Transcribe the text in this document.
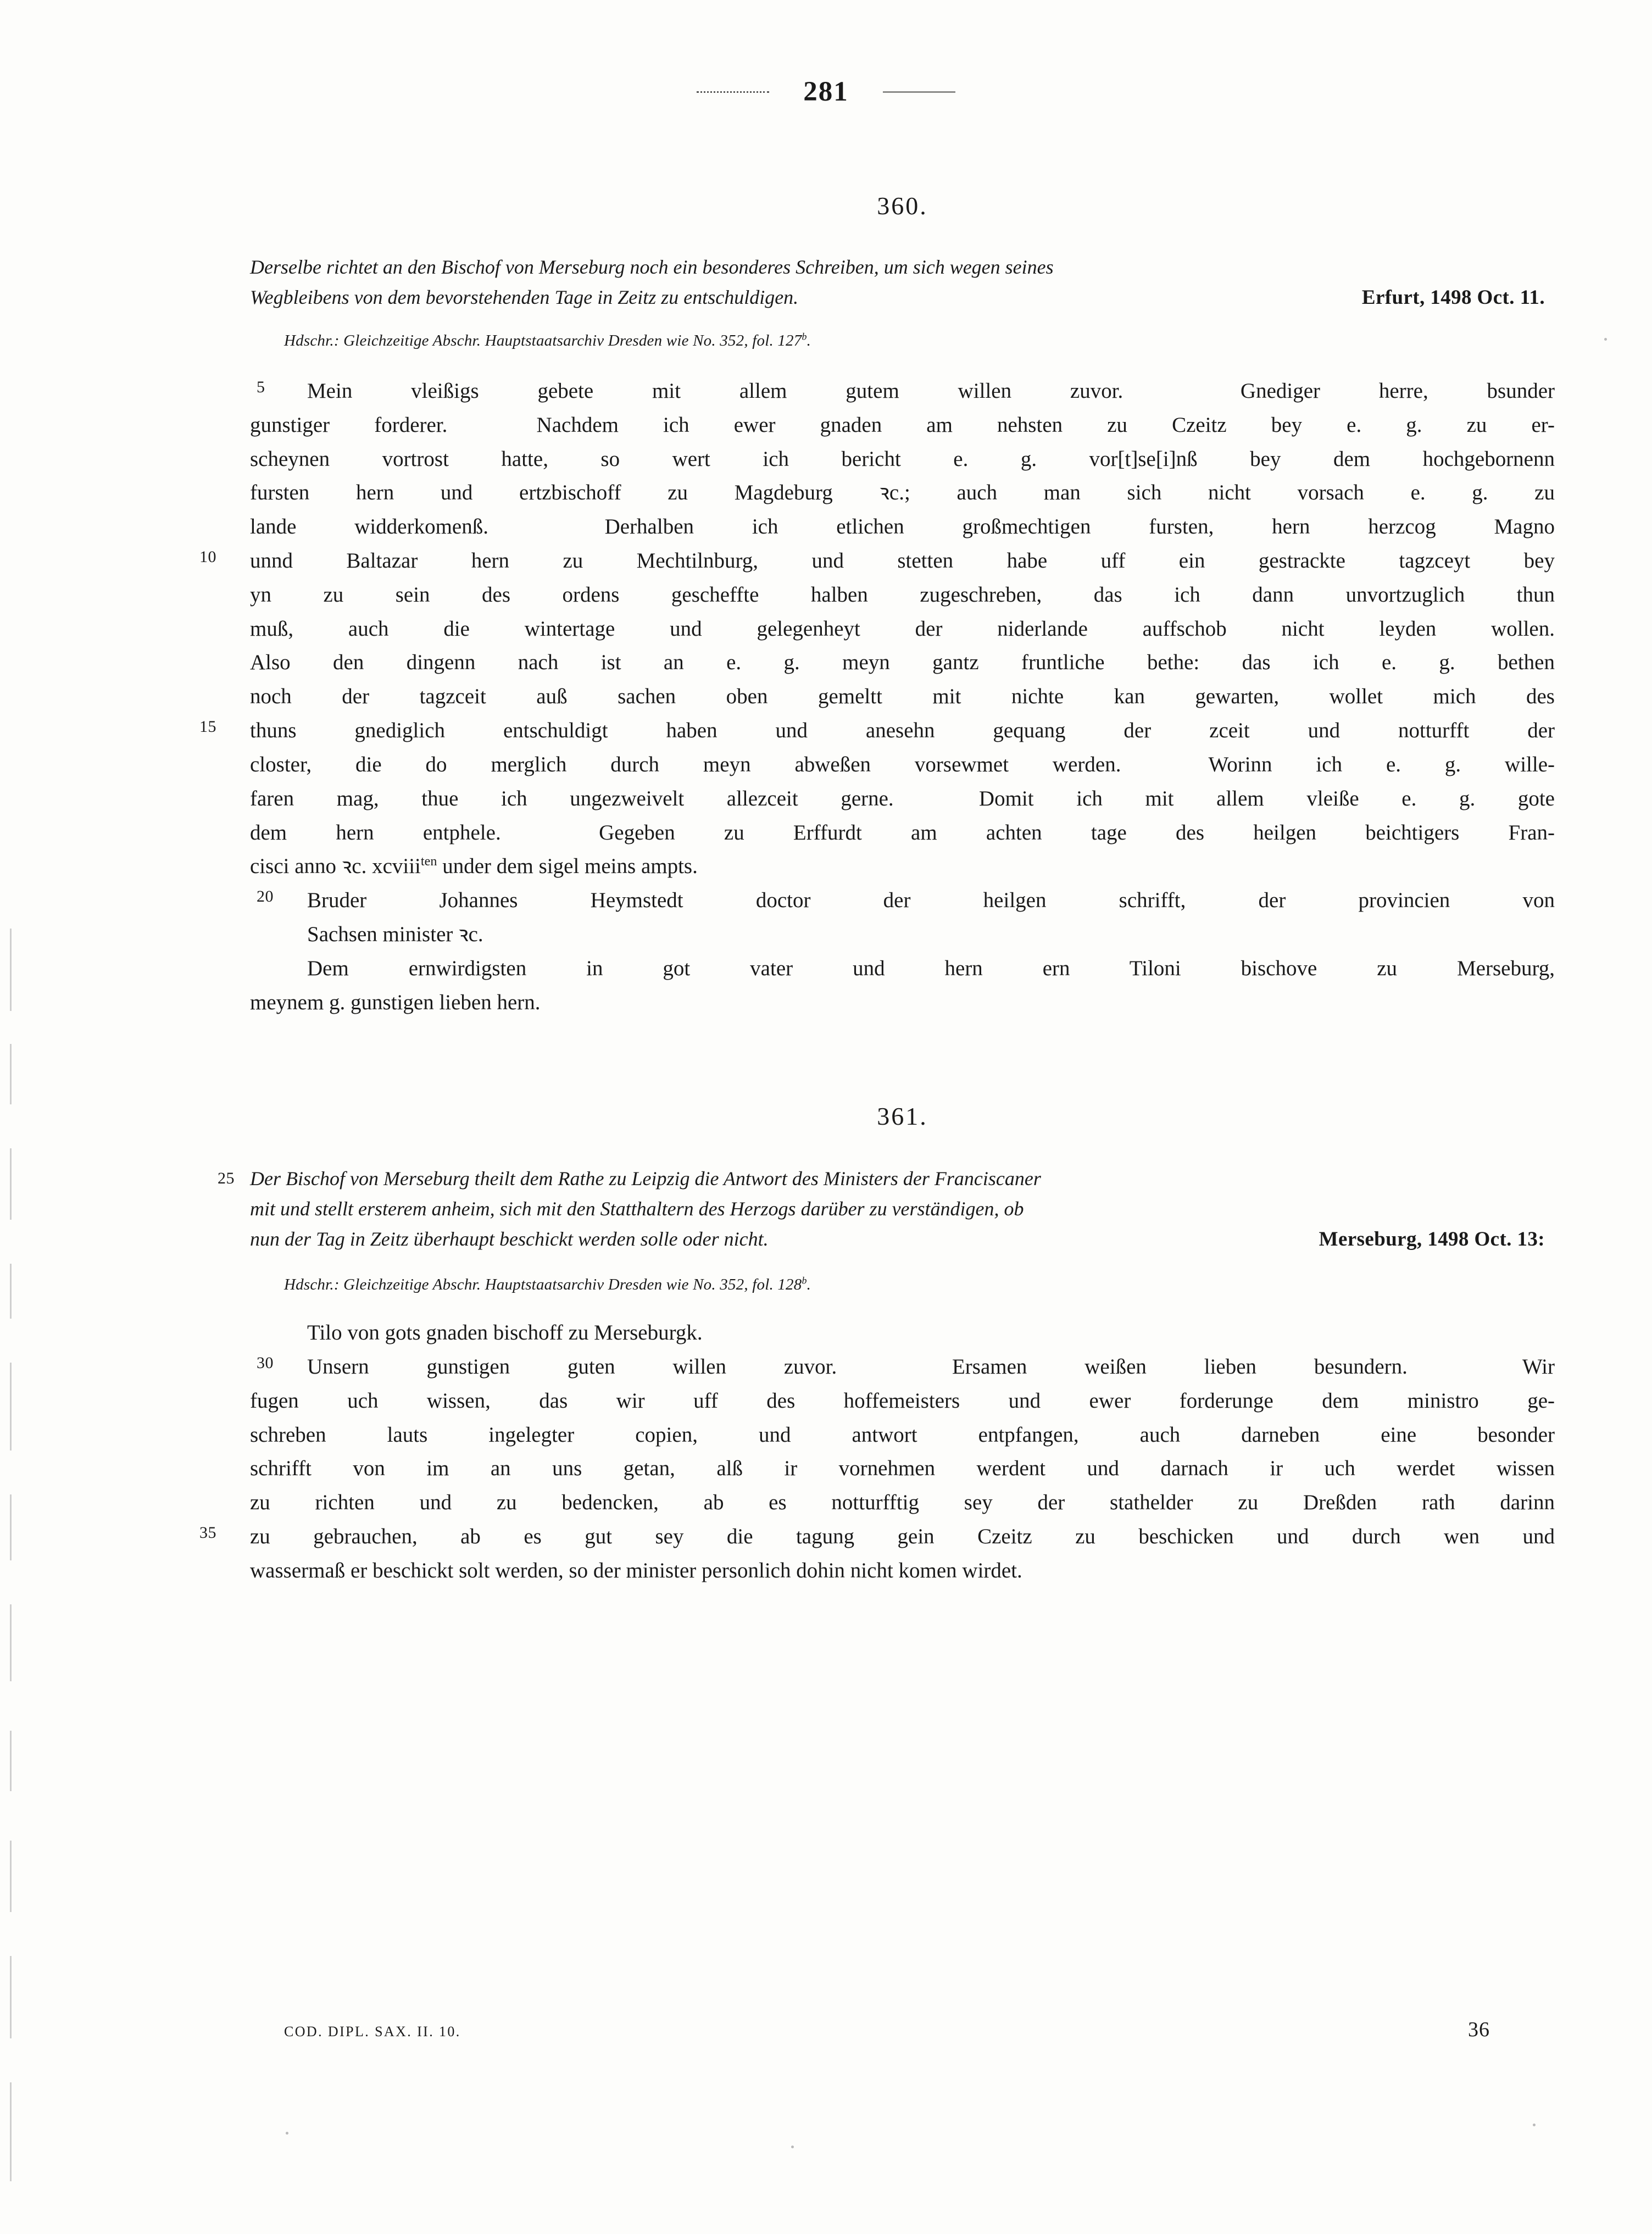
281
360.

Derselbe richtet an den Bischof von Merseburg noch ein besonderes Schreiben, um sich wegen seines

Wegbleibens von dem bevorstehenden Tage in Zeitz zu entschuldigen.	Erfurt, 1498 Oct. 11.
Hdschr.: Gleichzeitige Abschr. Hauptstaatsarchiv Dresden wie No. 352, fol. 127$^b$.
5 Mein vleißigs gebete mit allem gutem willen zuvor.  Gnediger herre, bsunder
gunstiger forderer.  Nachdem ich ewer gnaden am nehsten zu Czeitz bey e. g. zu er-
scheynen vortrost hatte, so wert ich bericht e. g. vor[t]se[i]nß bey dem hochgebornenn
fursten hern und ertzbischoff zu Magdeburg ꝛc.; auch man sich nicht vorsach e. g. zu
lande widderkomenß.  Derhalben ich etlichen großmechtigen fursten, hern herzcog Magno
10	unnd Baltazar hern zu Mechtilnburg, und stetten habe uff ein gestrackte tagzceyt bey
yn zu sein des ordens gescheffte halben zugeschreben, das ich dann unvortzuglich thun
muß, auch die wintertage und gelegenheyt der niderlande auffschob nicht leyden wollen.
Also den dingenn nach ist an e. g. meyn gantz fruntliche bethe: das ich e. g. bethen
noch der tagzceit auß sachen oben gemeltt mit nichte kan gewarten, wollet mich des
15	thuns gnediglich entschuldigt haben und anesehn gequang der zceit und notturfft der
closter, die do merglich durch meyn abweßen vorsewmet werden.  Worinn ich e. g. wille-
faren mag, thue ich ungezweivelt allezceit gerne.  Domit ich mit allem vleiße e. g. gote
dem hern entphele.  Gegeben zu Erffurdt am achten tage des heilgen beichtigers Fran-
cisci anno ꝛc. xcviii$^{ten}$ under dem sigel meins ampts.
20 Bruder Johannes Heymstedt doctor der heilgen schrifft, der provincien von
Sachsen minister ꝛc.
Dem ernwirdigsten in got vater und hern ern Tiloni bischove zu Merseburg,
meynem g. gunstigen lieben hern.
361.
25 Der Bischof von Merseburg theilt dem Rathe zu Leipzig die Antwort des Ministers der Franciscaner

mit und stellt ersterem anheim, sich mit den Statthaltern des Herzogs darüber zu verständigen, ob

nun der Tag in Zeitz überhaupt beschickt werden solle oder nicht.	Merseburg, 1498 Oct. 13:
Hdschr.: Gleichzeitige Abschr. Hauptstaatsarchiv Dresden wie No. 352, fol. 128$^b$.
Tilo von gots gnaden bischoff zu Merseburgk.
30 Unsern gunstigen guten willen zuvor.  Ersamen weißen lieben besundern.  Wir
fugen uch wissen, das wir uff des hoffemeisters und ewer forderunge dem ministro ge-
schreben lauts ingelegter copien, und antwort entpfangen, auch darneben eine besonder
schrifft von im an uns getan, alß ir vornehmen werdent und darnach ir uch werdet wissen
zu richten und zu bedencken, ab es notturfftig sey der stathelder zu Dreßden rath darinn
35	zu gebrauchen, ab es gut sey die tagung gein Czeitz zu beschicken und durch wen und
wassermaß er beschickt solt werden, so der minister personlich dohin nicht komen wirdet.
COD. DIPL. SAX. II. 10.	36
